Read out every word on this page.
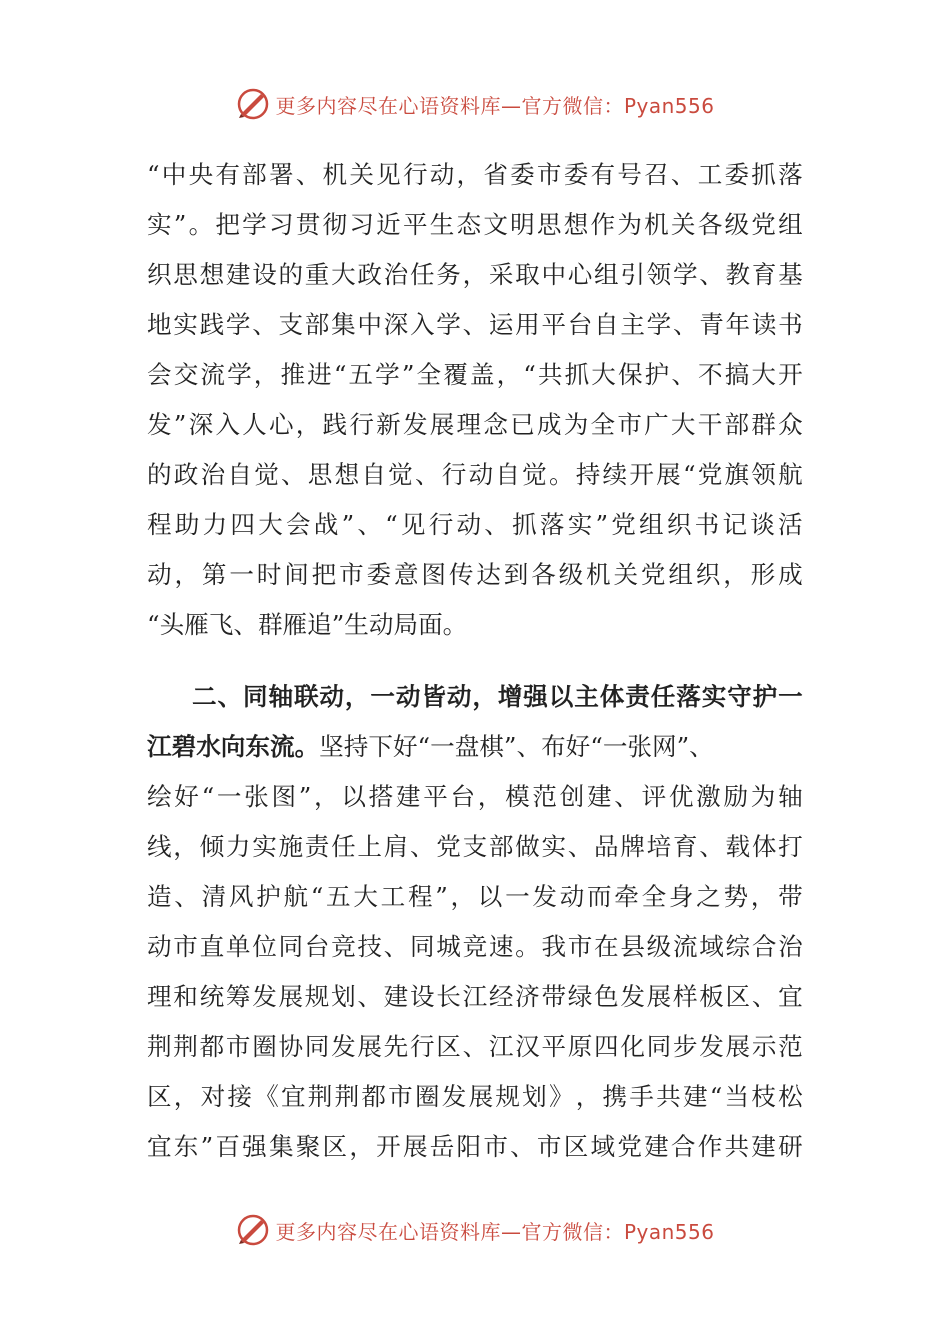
更多内容尽在心语资料库—官方微信：Pyan556
“ 中 央 有 部 署 、 机 关 见 行 动 ， 省 委 市 委 有 号 召 、 工 委 抓 落
实 ” 。 把 学 习 贯 彻 习 近 平 生 态 文 明 思 想 作 为 机 关 各 级 党 组
织 思 想 建 设 的 重 大 政 治 任 务 ， 采 取 中 心 组 引 领 学 、 教 育 基
地 实 践 学 、 支 部 集 中 深 入 学 、 运 用 平 台 自 主 学 、 青 年 读 书
会 交 流 学 ， 推 进 “ 五 学 ” 全 覆 盖 ， “ 共 抓 大 保 护 、 不 搞 大 开
发 ” 深 入 人 心 ， 践 行 新 发 展 理 念 已 成 为 全 市 广 大 干 部 群 众
的 政 治 自 觉 、 思 想 自 觉 、 行 动 自 觉 。 持 续 开 展 “ 党 旗 领 航
程 助 力 四 大 会 战 ” 、 “ 见 行 动 、 抓 落 实 ” 党 组 织 书 记 谈 活
动 ， 第 一 时 间 把 市 委 意 图 传 达 到 各 级 机 关 党 组 织 ， 形 成
“头雁飞、群雁追”生动局面。
二 、 同 轴 联 动 ， 一 动 皆 动 ， 增 强 以 主 体 责 任 落 实 守 护 一
江碧水向东流。 坚持下好“一盘棋”、布好“一张网”、
绘 好 “ 一 张 图 ” ， 以 搭 建 平 台 ， 模 范 创 建 、 评 优 激 励 为 轴
线 ， 倾 力 实 施 责 任 上 肩 、 党 支 部 做 实 、 品 牌 培 育 、 载 体 打
造 、 清 风 护 航 “ 五 大 工 程 ” ， 以 一 发 动 而 牵 全 身 之 势 ， 带
动 市 直 单 位 同 台 竞 技 、 同 城 竞 速 。 我 市 在 县 级 流 域 综 合 治
理 和 统 筹 发 展 规 划 、 建 设 长 江 经 济 带 绿 色 发 展 样 板 区 、 宜
荆 荆 都 市 圈 协 同 发 展 先 行 区 、 江 汉 平 原 四 化 同 步 发 展 示 范
区 ， 对 接 《 宜 荆 荆 都 市 圈 发 展 规 划 》 ， 携 手 共 建 “ 当 枝 松
宜 东 ” 百 强 集 聚 区 ， 开 展 岳 阳 市 、 市 区 域 党 建 合 作 共 建 研
更多内容尽在心语资料库—官方微信：Pyan556
